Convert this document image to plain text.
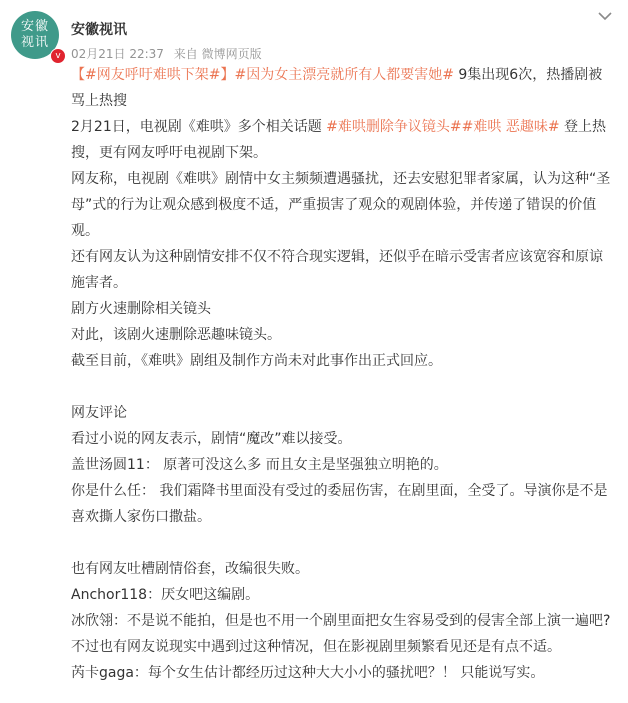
安徽
视讯
v
安徽视讯
02月21日 22:37 来自 微博网页版

【#网友呼吁难哄下架#】#因为女主漂亮就所有人都要害她# 9集出现6次，热播剧被骂上热搜

2月21日，电视剧《难哄》多个相关话题 #难哄删除争议镜头##难哄 恶趣味# 登上热搜，更有网友呼吁电视剧下架。

网友称，电视剧《难哄》剧情中女主频频遭遇骚扰，还去安慰犯罪者家属，认为这种“圣母”式的行为让观众感到极度不适，严重损害了观众的观剧体验，并传递了错误的价值观。

还有网友认为这种剧情安排不仅不符合现实逻辑，还似乎在暗示受害者应该宽容和原谅施害者。

剧方火速删除相关镜头

对此，该剧火速删除恶趣味镜头。

截至目前，《难哄》剧组及制作方尚未对此事作出正式回应。

网友评论

看过小说的网友表示，剧情“魔改”难以接受。

盖世汤圆11： 原著可没这么多 而且女主是坚强独立明艳的。

你是什么任： 我们霜降书里面没有受过的委屈伤害，在剧里面，全受了。导演你是不是喜欢撕人家伤口撒盐。

也有网友吐槽剧情俗套，改编很失败。

Anchor118：厌女吧这编剧。

冰欣翎：不是说不能拍，但是也不用一个剧里面把女生容易受到的侵害全部上演一遍吧?

不过也有网友说现实中遇到过这种情况，但在影视剧里频繁看见还是有点不适。

芮卡gaga：每个女生估计都经历过这种大大小小的骚扰吧？！ 只能说写实。
